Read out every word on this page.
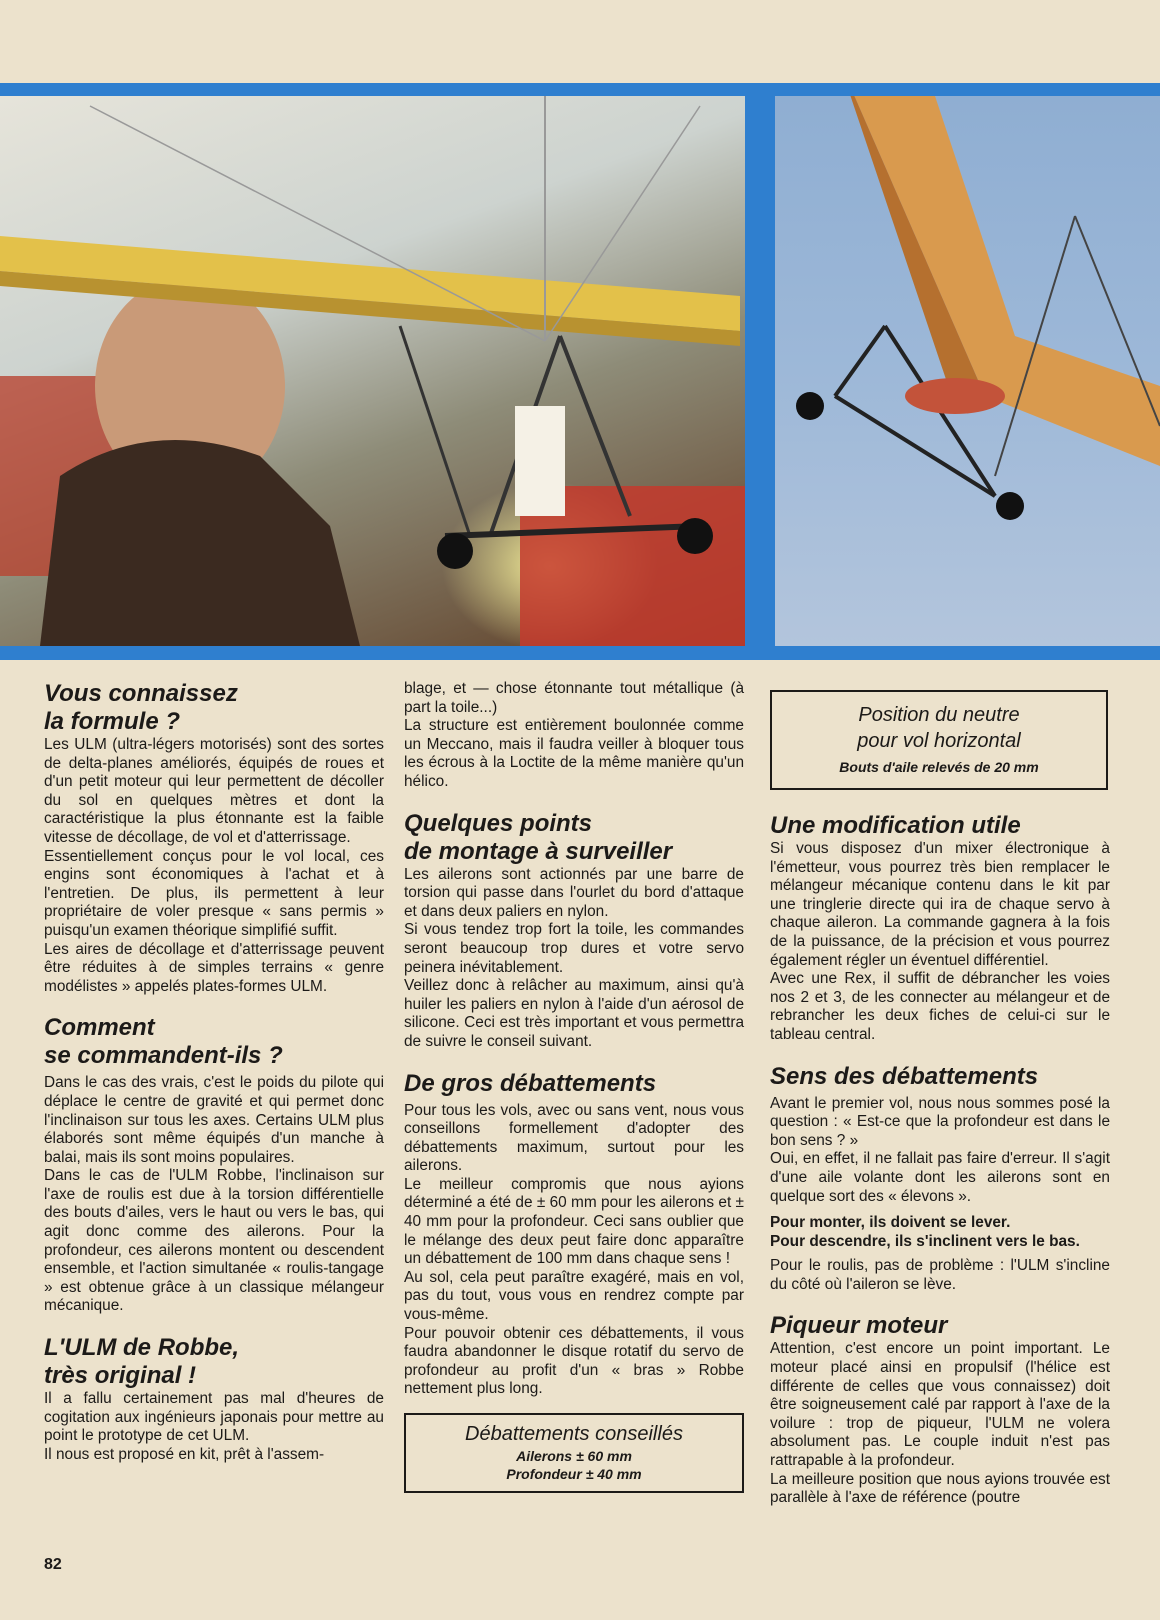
Vous connaissez
la formule ?

Les ULM (ultra-légers motorisés) sont des sortes de delta-planes améliorés, équipés de roues et d'un petit moteur qui leur permettent de décoller du sol en quelques mètres et dont la caractéristique la plus étonnante est la faible vitesse de décollage, de vol et d'atterrissage.

Essentiellement conçus pour le vol local, ces engins sont économiques à l'achat et à l'entretien. De plus, ils permettent à leur propriétaire de voler presque « sans permis » puisqu'un examen théorique simplifié suffit.

Les aires de décollage et d'atterrissage peuvent être réduites à de simples terrains « genre modélistes » appelés plates-formes ULM.

Comment
se commandent-ils ?

Dans le cas des vrais, c'est le poids du pilote qui déplace le centre de gravité et qui permet donc l'inclinaison sur tous les axes. Certains ULM plus élaborés sont même équipés d'un manche à balai, mais ils sont moins populaires.

Dans le cas de l'ULM Robbe, l'inclinaison sur l'axe de roulis est due à la torsion différentielle des bouts d'ailes, vers le haut ou vers le bas, qui agit donc comme des ailerons. Pour la profondeur, ces ailerons montent ou descendent ensemble, et l'action simultanée « roulis-tangage » est obtenue grâce à un classique mélangeur mécanique.

L'ULM de Robbe,
très original !

Il a fallu certainement pas mal d'heures de cogitation aux ingénieurs japonais pour mettre au point le prototype de cet ULM.

Il nous est proposé en kit, prêt à l'assem-

blage, et — chose étonnante tout métallique (à part la toile...)

La structure est entièrement boulonnée comme un Meccano, mais il faudra veiller à bloquer tous les écrous à la Loctite de la même manière qu'un hélico.

Quelques points
de montage à surveiller

Les ailerons sont actionnés par une barre de torsion qui passe dans l'ourlet du bord d'attaque et dans deux paliers en nylon.

Si vous tendez trop fort la toile, les commandes seront beaucoup trop dures et votre servo peinera inévitablement.

Veillez donc à relâcher au maximum, ainsi qu'à huiler les paliers en nylon à l'aide d'un aérosol de silicone. Ceci est très important et vous permettra de suivre le conseil suivant.

De gros débattements

Pour tous les vols, avec ou sans vent, nous vous conseillons formellement d'adopter des débattements maximum, surtout pour les ailerons.

Le meilleur compromis que nous ayions déterminé a été de ± 60 mm pour les ailerons et ± 40 mm pour la profondeur. Ceci sans oublier que le mélange des deux peut faire donc apparaître un débattement de 100 mm dans chaque sens !

Au sol, cela peut paraître exagéré, mais en vol, pas du tout, vous vous en rendrez compte par vous-même.

Pour pouvoir obtenir ces débattements, il vous faudra abandonner le disque rotatif du servo de profondeur au profit d'un « bras » Robbe nettement plus long.

Débattements conseillés
Ailerons ± 60 mm
Profondeur ± 40 mm
Position du neutre
pour vol horizontal
Bouts d'aile relevés de 20 mm
Une modification utile

Si vous disposez d'un mixer électronique à l'émetteur, vous pourrez très bien remplacer le mélangeur mécanique contenu dans le kit par une tringlerie directe qui ira de chaque servo à chaque aileron. La commande gagnera à la fois de la puissance, de la précision et vous pourrez également régler un éventuel différentiel.

Avec une Rex, il suffit de débrancher les voies nos 2 et 3, de les connecter au mélangeur et de rebrancher les deux fiches de celui-ci sur le tableau central.

Sens des débattements

Avant le premier vol, nous nous sommes posé la question : « Est-ce que la profondeur est dans le bon sens ? »

Oui, en effet, il ne fallait pas faire d'erreur. Il s'agit d'une aile volante dont les ailerons sont en quelque sort des « élevons ».

Pour monter, ils doivent se lever.

Pour descendre, ils s'inclinent vers le bas.

Pour le roulis, pas de problème : l'ULM s'incline du côté où l'aileron se lève.

Piqueur moteur

Attention, c'est encore un point important. Le moteur placé ainsi en propulsif (l'hélice est différente de celles que vous connaissez) doit être soigneusement calé par rapport à l'axe de la voilure : trop de piqueur, l'ULM ne volera absolument pas. Le couple induit n'est pas rattrapable à la profondeur.

La meilleure position que nous ayions trouvée est parallèle à l'axe de référence (poutre

82
